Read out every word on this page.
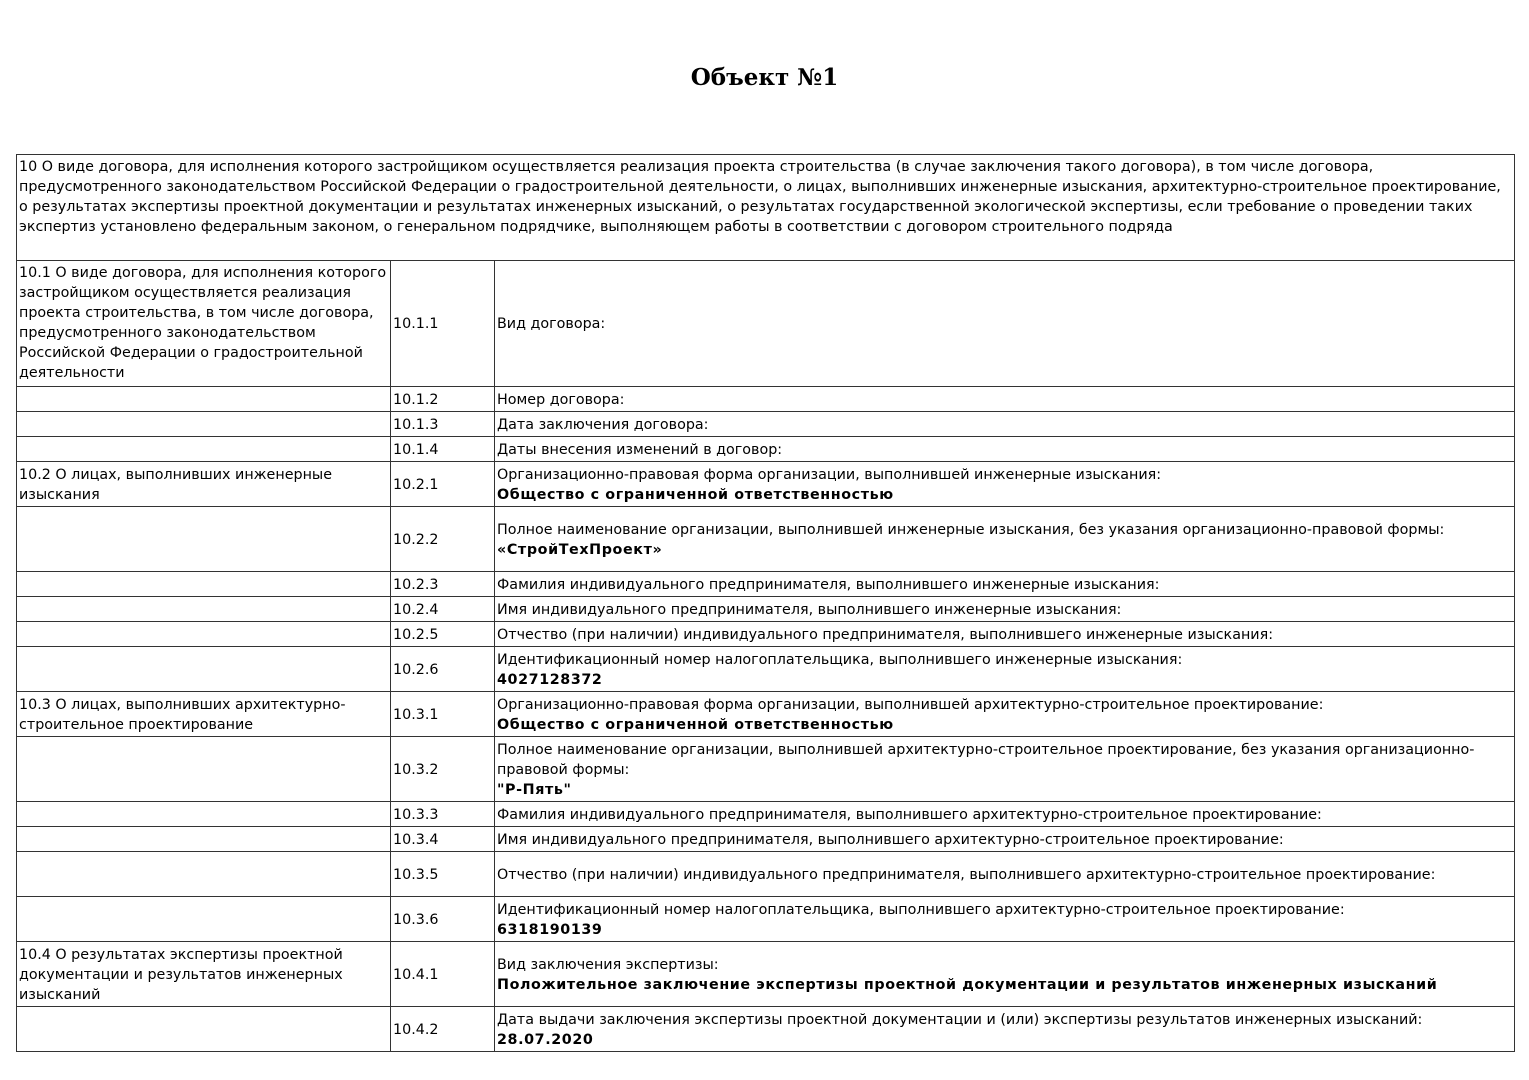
Объект №1
10 О виде договора, для исполнения которого застройщиком осуществляется реализация проекта строительства (в случае заключения такого договора), в том числе договора, предусмотренного законодательством Российской Федерации о градостроительной деятельности, о лицах, выполнивших инженерные изыскания, архитектурно-строительное проектирование, о результатах экспертизы проектной документации и результатах инженерных изысканий, о результатах государственной экологической экспертизы, если требование о проведении таких экспертиз установлено федеральным законом, о генеральном подрядчике, выполняющем работы в соответствии с договором строительного подряда		
10.1 О виде договора, для исполнения которого застройщиком осуществляется реализация проекта строительства, в том числе договора, предусмотренного законодательством Российской Федерации о градостроительной деятельности	10.1.1	Вид договора:
	10.1.2	Номер договора:
	10.1.3	Дата заключения договора:
	10.1.4	Даты внесения изменений в договор:
10.2 О лицах, выполнивших инженерные изыскания	10.2.1	Организационно-правовая форма организации, выполнившей инженерные изыскания:
Общество с ограниченной ответственностью

	10.2.2	Полное наименование организации, выполнившей инженерные изыскания, без указания организационно-правовой формы:
«СтройТехПроект»

	10.2.3	Фамилия индивидуального предпринимателя, выполнившего инженерные изыскания:
	10.2.4	Имя индивидуального предпринимателя, выполнившего инженерные изыскания:
	10.2.5	Отчество (при наличии) индивидуального предпринимателя, выполнившего инженерные изыскания:
	10.2.6	Идентификационный номер налогоплательщика, выполнившего инженерные изыскания:
4027128372

10.3 О лицах, выполнивших архитектурно-строительное проектирование	10.3.1	Организационно-правовая форма организации, выполнившей архитектурно-строительное проектирование:
Общество с ограниченной ответственностью

	10.3.2	Полное наименование организации, выполнившей архитектурно-строительное проектирование, без указания организационно-правовой формы:
"Р-Пять"

	10.3.3	Фамилия индивидуального предпринимателя, выполнившего архитектурно-строительное проектирование:
	10.3.4	Имя индивидуального предпринимателя, выполнившего архитектурно-строительное проектирование:
	10.3.5	Отчество (при наличии) индивидуального предпринимателя, выполнившего архитектурно-строительное проектирование:
	10.3.6	Идентификационный номер налогоплательщика, выполнившего архитектурно-строительное проектирование:
6318190139

10.4 О результатах экспертизы проектной документации и результатов инженерных изысканий	10.4.1	Вид заключения экспертизы:
Положительное заключение экспертизы проектной документации и результатов инженерных изысканий

	10.4.2	Дата выдачи заключения экспертизы проектной документации и (или) экспертизы результатов инженерных изысканий:
28.07.2020
